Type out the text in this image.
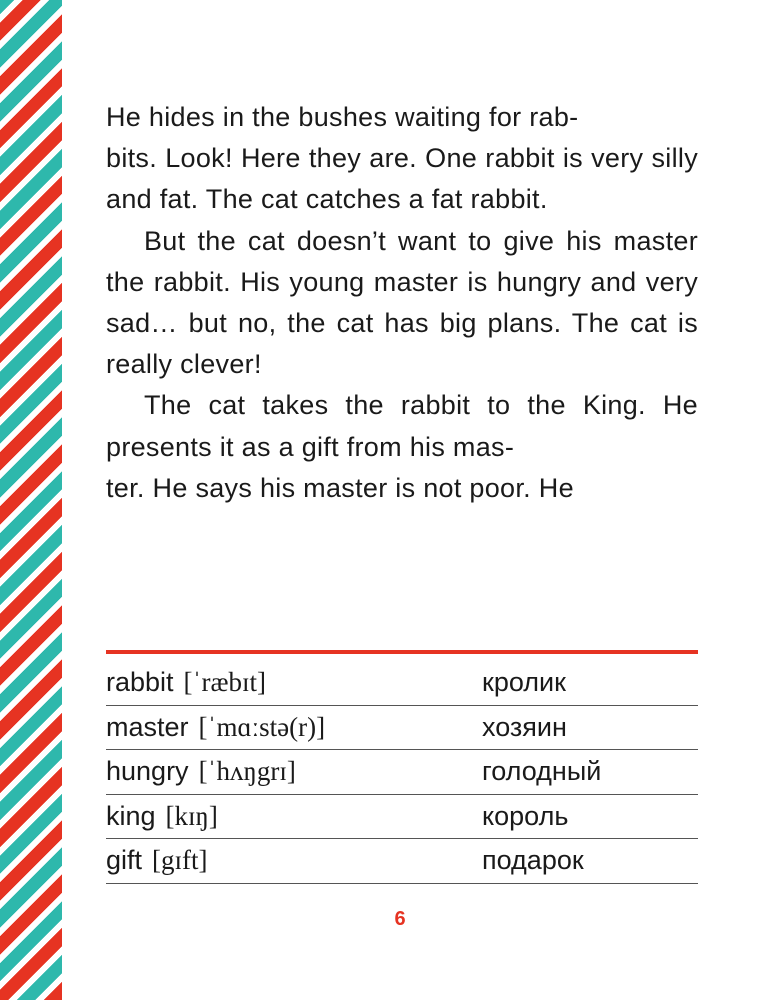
He hides in the bushes waiting for rab-
bits. Look! Here they are. One rabbit is very silly and fat. The cat catches a fat rabbit.

But the cat doesn’t want to give his master the rabbit. His young master is hungry and very sad… but no, the cat has big plans. The cat is really clever!

The cat takes the rabbit to the King. He presents it as a gift from his mas-
ter. He says his master is not poor. He

rabbit [ˈræbɪt]	кролик
master [ˈmɑːstə(r)]	хозяин
hungry [ˈhʌŋgrɪ]	голодный
king [kɪŋ]	король
gift [gɪft]	подарок
6
